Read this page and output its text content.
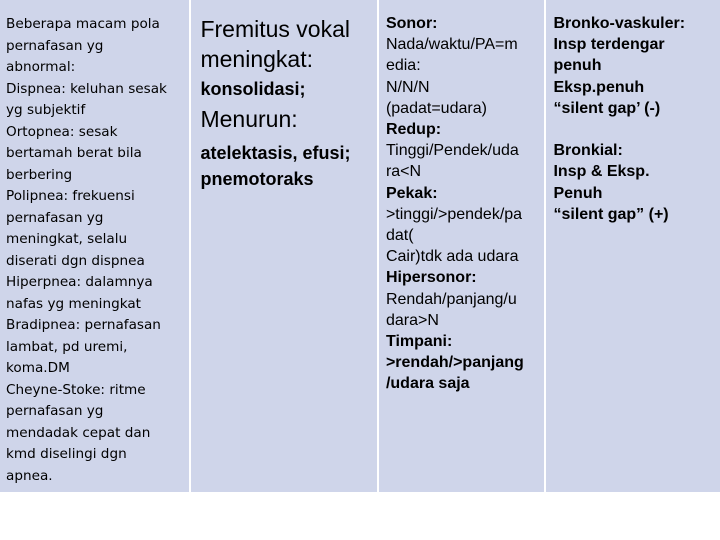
Beberapa macam pola
pernafasan yg
abnormal:
Dispnea: keluhan sesak
yg subjektif
Ortopnea: sesak
bertamah berat bila
berbering
Polipnea: frekuensi
pernafasan yg
meningkat, selalu
diserati dgn dispnea
Hiperpnea: dalamnya
nafas yg meningkat
Bradipnea: pernafasan
lambat, pd uremi,
koma.DM
Cheyne-Stoke: ritme
pernafasan yg
mendadak cepat dan
kmd diselingi dgn
apnea.
Fremitus vokal
meningkat:
konsolidasi;
Menurun:
atelektasis, efusi;
pnemotoraks
Sonor:
Nada/waktu/PA=m
edia:
N/N/N
(padat=udara)
Redup:
Tinggi/Pendek/uda
ra<N
Pekak:
>tinggi/>pendek/pa
dat(
Cair)tdk ada udara
Hipersonor:
Rendah/panjang/u
dara>N
Timpani:
>rendah/>panjang
/udara saja
Bronko-vaskuler:
Insp terdengar
penuh
Eksp.penuh
“silent gap’ (-)
Bronkial:
Insp & Eksp.
Penuh
“silent gap” (+)
